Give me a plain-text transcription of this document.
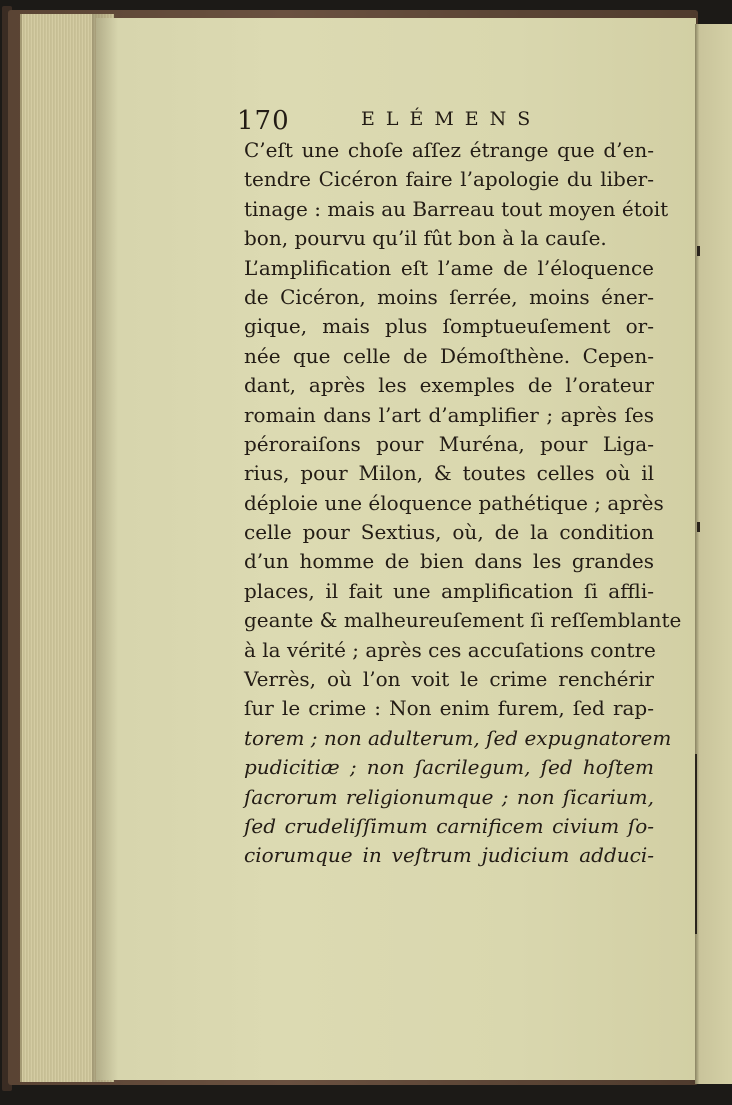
170	ELÉMENS
C’eſt une choſe aſſez étrange que d’en-
tendre Cicéron faire l’apologie du liber-
tinage : mais au Barreau tout moyen étoit
bon, pourvu qu’il fût bon à la cauſe.
L’amplification eſt l’ame de l’éloquence
de Cicéron, moins ſerrée, moins éner-
gique, mais plus ſomptueuſement or-
née que celle de Démoſthène. Cepen-
dant, après les exemples de l’orateur
romain dans l’art d’amplifier ; après ſes
péroraiſons pour Muréna, pour Liga-
rius, pour Milon, & toutes celles où il
déploie une éloquence pathétique ; après
celle pour Sextius, où, de la condition
d’un homme de bien dans les grandes
places, il fait une amplification ſi affli-
geante & malheureuſement ſi reſſemblante
à la vérité ; après ces accuſations contre
Verrès, où l’on voit le crime renchérir
ſur le crime : Non enim furem, ſed rap-
torem ; non adulterum, ſed expugnatorem
pudicitiæ ; non ſacrilegum, ſed hoſtem
ſacrorum religionumque ; non ſicarium,
ſed crudeliſſimum carnificem civium ſo-
ciorumque in veſtrum judicium adduci-
